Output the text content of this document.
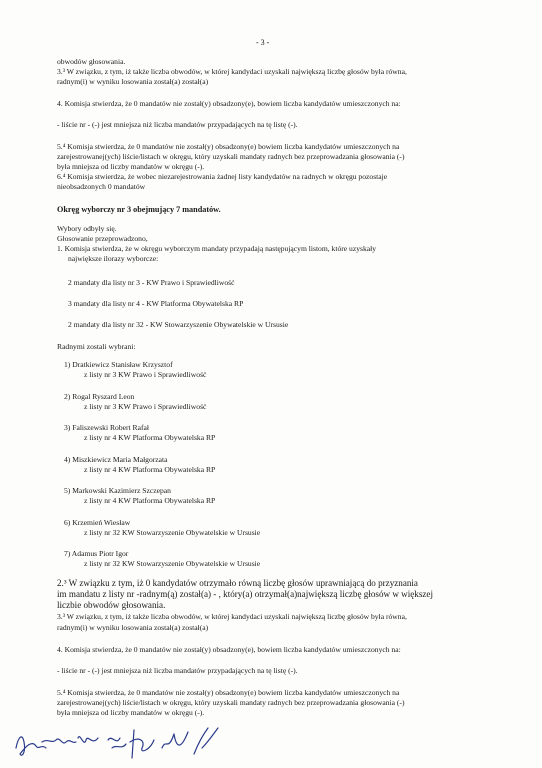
- 3 -
obwodów głosowania.
3.³ W związku, z tym, iż także liczba obwodów, w której kandydaci uzyskali największą liczbę głosów była równa,
radnym(i) w wyniku losowania został(a) został(a)
4. Komisja stwierdza, że 0 mandatów nie został(y) obsadzony(e), bowiem liczba kandydatów umieszczonych na:
- liście nr - (-) jest mniejsza niż liczba mandatów przypadających na tę listę (-).
5.⁴ Komisja stwierdza, że 0 mandatów nie został(y) obsadzony(e) bowiem liczba kandydatów umieszczonych na
zarejestrowanej(ych) liście/listach w okręgu, który uzyskali mandaty radnych bez przeprowadzania głosowania (-)
była mniejsza od liczby mandatów w okręgu (-).
6.⁴ Komisja stwierdza, że wobec niezarejestrowania żadnej listy kandydatów na radnych w okręgu pozostaje
nieobsadzonych 0 mandatów
Okręg wyborczy nr 3 obejmujący 7 mandatów.
Wybory odbyły się.
Głosowanie przeprowadzono,
1. Komisja stwierdza, że w okręgu wyborczym mandaty przypadają następującym listom, które uzyskały
największe ilorazy wyborcze:
2 mandaty dla listy nr 3 - KW Prawo i Sprawiedliwość
3 mandaty dla listy nr 4 - KW Platforma Obywatelska RP
2 mandaty dla listy nr 32 - KW Stowarzyszenie Obywatelskie w Ursusie
Radnymi zostali wybrani:
1) Dratkiewicz Stanisław Krzysztof
z listy nr 3 KW Prawo i Sprawiedliwość
2) Rogal Ryszard Leon
z listy nr 3 KW Prawo i Sprawiedliwość
3) Faliszewski Robert Rafał
z listy nr 4 KW Platforma Obywatelska RP
4) Miszkiewicz Maria Małgorzata
z listy nr 4 KW Platforma Obywatelska RP
5) Markowski Kazimierz Szczepan
z listy nr 4 KW Platforma Obywatelska RP
6) Krzemień Wiesław
z listy nr 32 KW Stowarzyszenie Obywatelskie w Ursusie
7) Adamus Piotr Igor
z listy nr 32 KW Stowarzyszenie Obywatelskie w Ursusie
2.³ W związku z tym, iż 0 kandydatów otrzymało równą liczbę głosów uprawniającą do przyznania
im mandatu z listy nr -radnym(ą) został(a) - , który(a) otrzymał(a)największą liczbę głosów w większej
liczbie obwodów głosowania.
3.³ W związku, z tym, iż także liczba obwodów, w której kandydaci uzyskali największą liczbę głosów była równa,
radnym(i) w wyniku losowania został(a) został(a)
4. Komisja stwierdza, że 0 mandatów nie został(y) obsadzony(e), bowiem liczba kandydatów umieszczonych na:
- liście nr - (-) jest mniejsza niż liczba mandatów przypadających na tę listę (-).
5.⁴ Komisja stwierdza, że 0 mandatów nie został(y) obsadzony(e) bowiem liczba kandydatów umieszczonych na
zarejestrowanej(ych) liście/listach w okręgu, który uzyskali mandaty radnych bez przeprowadzania głosowania (-)
była mniejsza od liczby mandatów w okręgu (-).
